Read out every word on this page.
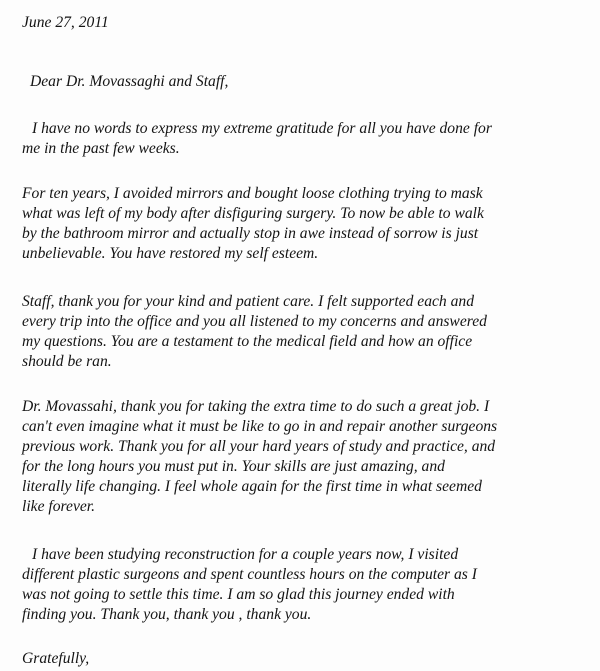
June 27, 2011

Dear Dr. Movassaghi and Staff,

I have no words to express my extreme gratitude for all you have done for
me in the past few weeks.

For ten years, I avoided mirrors and bought loose clothing trying to mask
what was left of my body after disfiguring surgery. To now be able to walk
by the bathroom mirror and actually stop in awe instead of sorrow is just
unbelievable. You have restored my self esteem.

Staff, thank you for your kind and patient care. I felt supported each and
every trip into the office and you all listened to my concerns and answered
my questions. You are a testament to the medical field and how an office
should be ran.

Dr. Movassahi, thank you for taking the extra time to do such a great job. I
can't even imagine what it must be like to go in and repair another surgeons
previous work. Thank you for all your hard years of study and practice, and
for the long hours you must put in. Your skills are just amazing, and
literally life changing. I feel whole again for the first time in what seemed
like forever.

I have been studying reconstruction for a couple years now, I visited
different plastic surgeons and spent countless hours on the computer as I
was not going to settle this time. I am so glad this journey ended with
finding you. Thank you, thank you , thank you.

Gratefully,
